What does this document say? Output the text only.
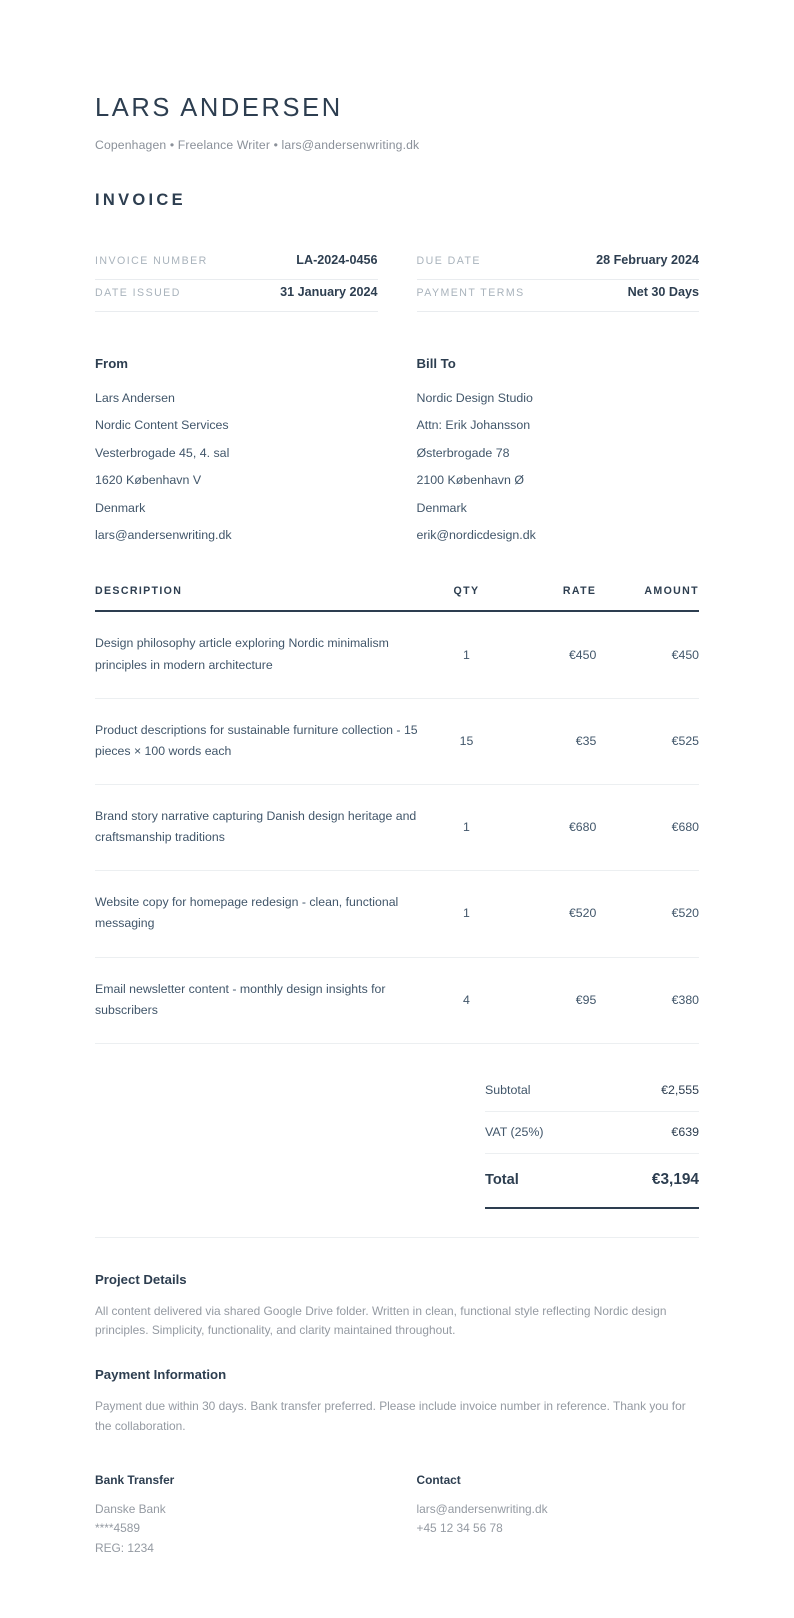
LARS ANDERSEN
Copenhagen • Freelance Writer • lars@andersenwriting.dk
INVOICE
INVOICE NUMBER	LA-2024-0456	DUE DATE	28 February 2024
DATE ISSUED	31 January 2024	PAYMENT TERMS	Net 30 Days
From
Lars Andersen
Nordic Content Services
Vesterbrogade 45, 4. sal
1620 København V
Denmark
lars@andersenwriting.dk
Bill To
Nordic Design Studio
Attn: Erik Johansson
Østerbrogade 78
2100 København Ø
Denmark
erik@nordicdesign.dk
DESCRIPTION	QTY	RATE	AMOUNT
Design philosophy article exploring Nordic minimalism principles in modern architecture	1	€450	€450
Product descriptions for sustainable furniture collection - 15 pieces × 100 words each	15	€35	€525
Brand story narrative capturing Danish design heritage and craftsmanship traditions	1	€680	€680
Website copy for homepage redesign - clean, functional messaging	1	€520	€520
Email newsletter content - monthly design insights for subscribers	4	€95	€380
Subtotal	€2,555
VAT (25%)	€639
Total	€3,194
Project Details
All content delivered via shared Google Drive folder. Written in clean, functional style reflecting Nordic design principles. Simplicity, functionality, and clarity maintained throughout.
Payment Information
Payment due within 30 days. Bank transfer preferred. Please include invoice number in reference. Thank you for the collaboration.
Bank Transfer
Danske Bank
****4589
REG: 1234
Contact
lars@andersenwriting.dk
+45 12 34 56 78
